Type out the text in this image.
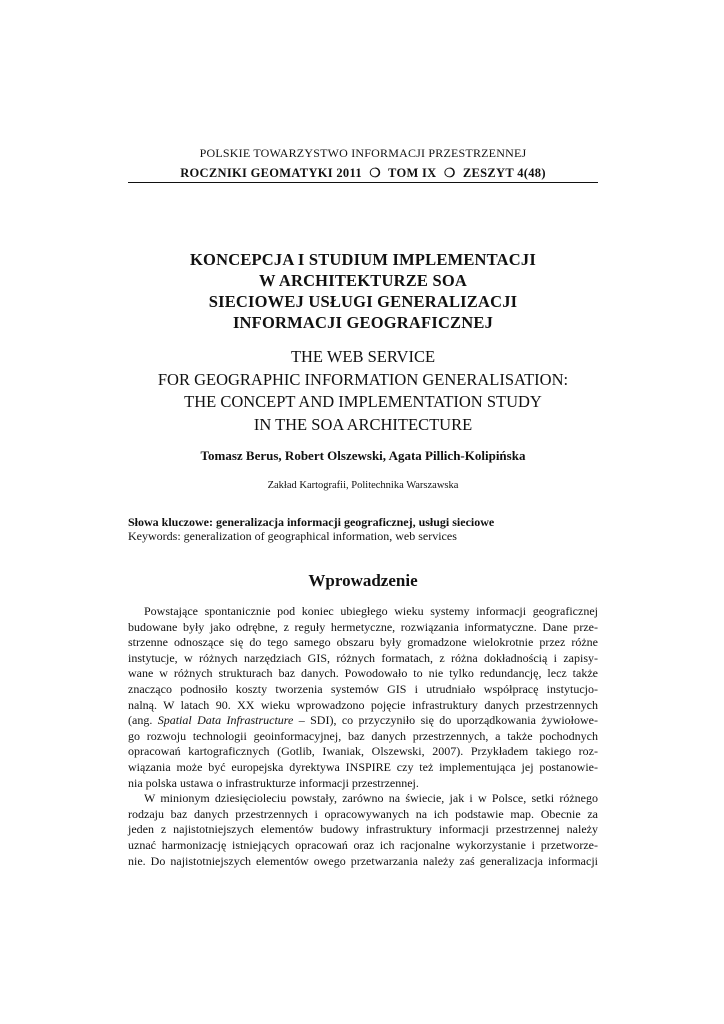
POLSKIE TOWARZYSTWO INFORMACJI PRZESTRZENNEJ
ROCZNIKI GEOMATYKI 2011 ❍ TOM IX ❍ ZESZYT 4(48)
KONCEPCJA I STUDIUM IMPLEMENTACJI
W ARCHITEKTURZE SOA
SIECIOWEJ USŁUGI GENERALIZACJI
INFORMACJI GEOGRAFICZNEJ
THE WEB SERVICE
FOR GEOGRAPHIC INFORMATION GENERALISATION:
THE CONCEPT AND IMPLEMENTATION STUDY
IN THE SOA ARCHITECTURE
Tomasz Berus, Robert Olszewski, Agata Pillich-Kolipińska
Zakład Kartografii, Politechnika Warszawska
Słowa kluczowe: generalizacja informacji geograficznej, usługi sieciowe
Keywords: generalization of geographical information, web services
Wprowadzenie
Powstające spontanicznie pod koniec ubiegłego wieku systemy informacji geograficznej
budowane były jako odrębne, z reguły hermetyczne, rozwiązania informatyczne. Dane prze-
strzenne odnoszące się do tego samego obszaru były gromadzone wielokrotnie przez różne
instytucje, w różnych narzędziach GIS, różnych formatach, z różna dokładnością i zapisy-
wane w różnych strukturach baz danych. Powodowało to nie tylko redundancję, lecz także
znacząco podnosiło koszty tworzenia systemów GIS i utrudniało współpracę instytucjo-
nalną. W latach 90. XX wieku wprowadzono pojęcie infrastruktury danych przestrzennych
(ang. Spatial Data Infrastructure – SDI), co przyczyniło się do uporządkowania żywiołowe-
go rozwoju technologii geoinformacyjnej, baz danych przestrzennych, a także pochodnych
opracowań kartograficznych (Gotlib, Iwaniak, Olszewski, 2007). Przykładem takiego roz-
wiązania może być europejska dyrektywa INSPIRE czy też implementująca jej postanowie-
nia polska ustawa o infrastrukturze informacji przestrzennej.
W minionym dziesięcioleciu powstały, zarówno na świecie, jak i w Polsce, setki różnego
rodzaju baz danych przestrzennych i opracowywanych na ich podstawie map. Obecnie za
jeden z najistotniejszych elementów budowy infrastruktury informacji przestrzennej należy
uznać harmonizację istniejących opracowań oraz ich racjonalne wykorzystanie i przetworze-
nie. Do najistotniejszych elementów owego przetwarzania należy zaś generalizacja informacji
